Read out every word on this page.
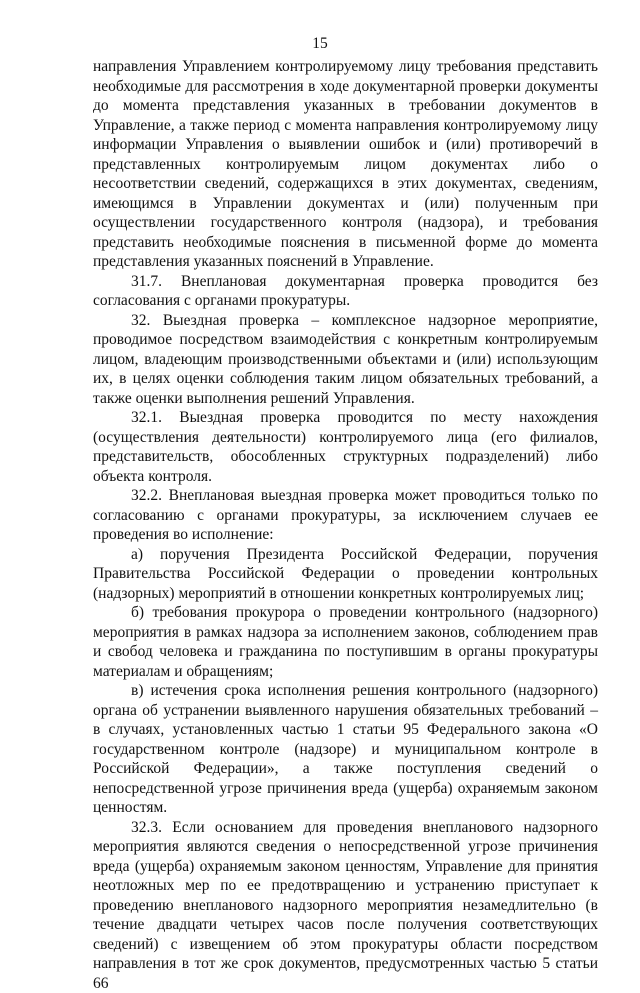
15

направления Управлением контролируемому лицу требования представить необходимые для рассмотрения в ходе документарной проверки документы до момента представления указанных в требовании документов в Управление, а также период с момента направления контролируемому лицу информации Управления о выявлении ошибок и (или) противоречий в представленных контролируемым лицом документах либо о несоответствии сведений, содержащихся в этих документах, сведениям, имеющимся в Управлении документах и (или) полученным при осуществлении государственного контроля (надзора), и требования представить необходимые пояснения в письменной форме до момента представления указанных пояснений в Управление.

31.7. Внеплановая документарная проверка проводится без согласования с органами прокуратуры.

32. Выездная проверка – комплексное надзорное мероприятие, проводимое посредством взаимодействия с конкретным контролируемым лицом, владеющим производственными объектами и (или) использующим их, в целях оценки соблюдения таким лицом обязательных требований, а также оценки выполнения решений Управления.

32.1. Выездная проверка проводится по месту нахождения (осуществления деятельности) контролируемого лица (его филиалов, представительств, обособленных структурных подразделений) либо объекта контроля.

32.2. Внеплановая выездная проверка может проводиться только по согласованию с органами прокуратуры, за исключением случаев ее проведения во исполнение:

а) поручения Президента Российской Федерации, поручения Правительства Российской Федерации о проведении контрольных (надзорных) мероприятий в отношении конкретных контролируемых лиц;

б) требования прокурора о проведении контрольного (надзорного) мероприятия в рамках надзора за исполнением законов, соблюдением прав и свобод человека и гражданина по поступившим в органы прокуратуры материалам и обращениям;

в) истечения срока исполнения решения контрольного (надзорного) органа об устранении выявленного нарушения обязательных требований – в случаях, установленных частью 1 статьи 95 Федерального закона «О государственном контроле (надзоре) и муниципальном контроле в Российской Федерации», а также поступления сведений о непосредственной угрозе причинения вреда (ущерба) охраняемым законом ценностям.

32.3. Если основанием для проведения внепланового надзорного мероприятия являются сведения о непосредственной угрозе причинения вреда (ущерба) охраняемым законом ценностям, Управление для принятия неотложных мер по ее предотвращению и устранению приступает к проведению внепланового надзорного мероприятия незамедлительно (в течение двадцати четырех часов после получения соответствующих сведений) с извещением об этом прокуратуры области посредством направления в тот же срок документов, предусмотренных частью 5 статьи 66
